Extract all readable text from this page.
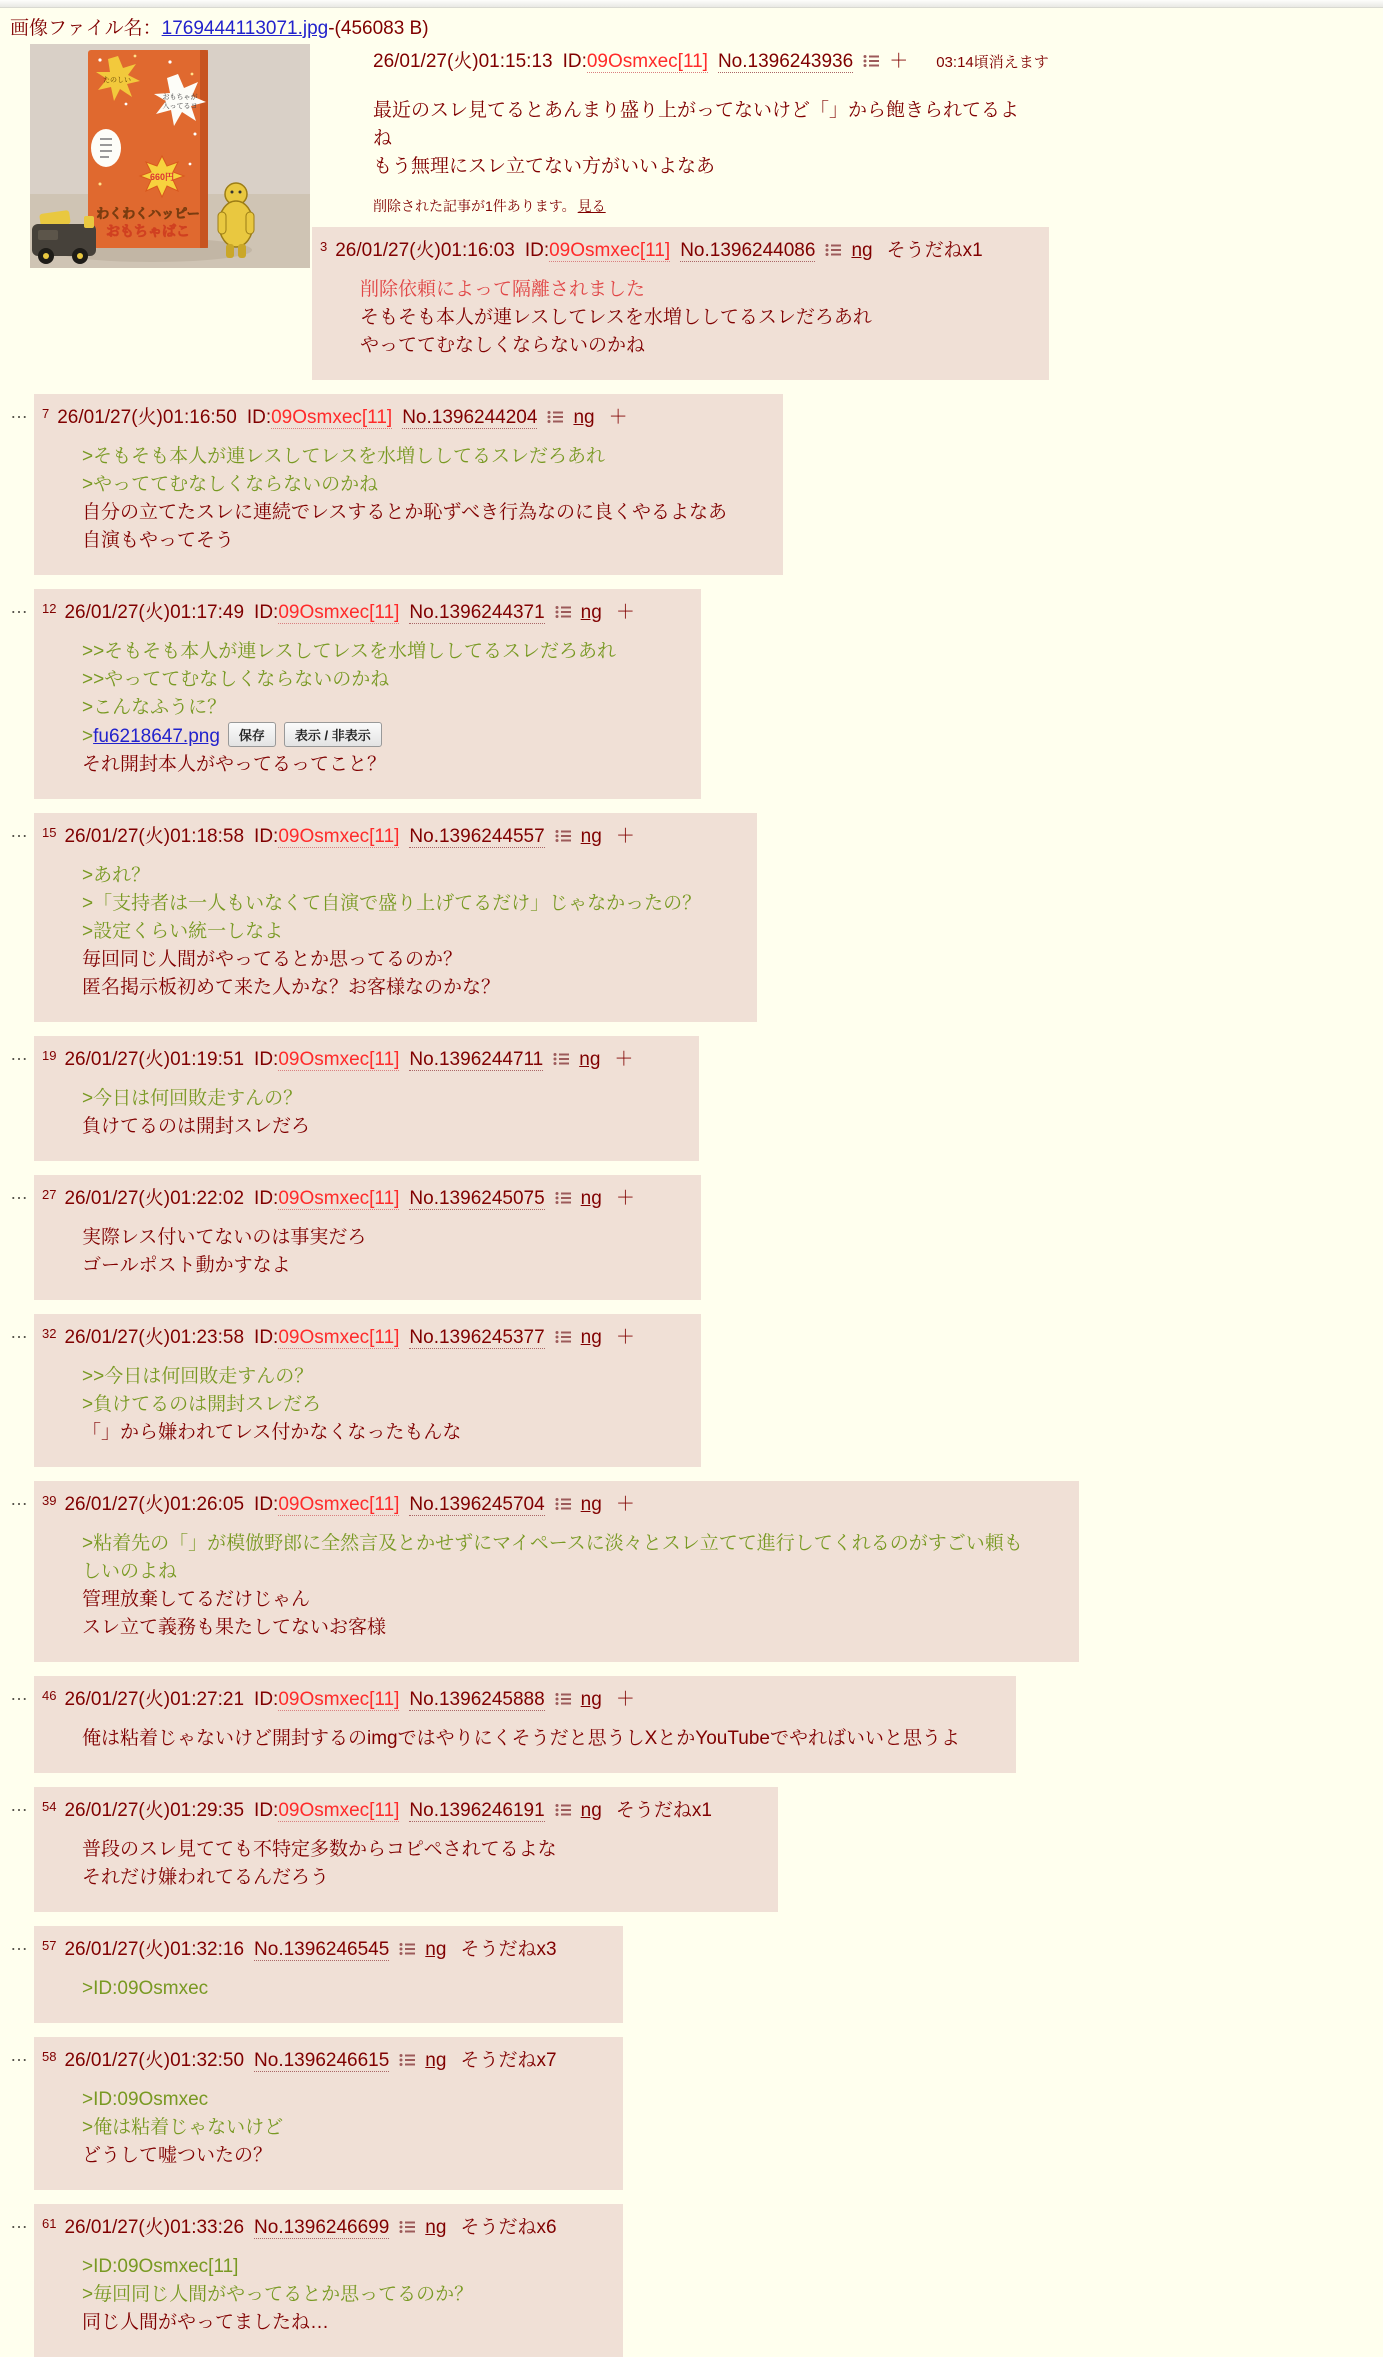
画像ファイル名：1769444113071.jpg-(456083 B)
たのしい
おもちゃが
入ってるヨ
660円
わくわくハッピー
おもちゃばこ
26/01/27(火)01:15:13 ID:09Osmxec[11] No.1396243936 ＋ 03:14頃消えます
最近のスレ見てるとあんまり盛り上がってないけど「」から飽きられてるよ
ね
もう無理にスレ立てない方がいいよなあ
削除された記事が1件あります。 見る
$^3$ 26/01/27(火)01:16:03 ID:09Osmxec[11] No.1396244086 ng そうだねx1
削除依頼によって隔離されました
そもそも本人が連レスしてレスを水増ししてるスレだろあれ
やっててむなしくならないのかね
…	$^7$ 26/01/27(火)01:16:50 ID:09Osmxec[11] No.1396244204 ng ＋
>そもそも本人が連レスしてレスを水増ししてるスレだろあれ
>やっててむなしくならないのかね
自分の立てたスレに連続でレスするとか恥ずべき行為なのに良くやるよなあ
自演もやってそう
…	$^{12}$ 26/01/27(火)01:17:49 ID:09Osmxec[11] No.1396244371 ng ＋
>>そもそも本人が連レスしてレスを水増ししてるスレだろあれ
>>やっててむなしくならないのかね
>こんなふうに？
>fu6218647.png 保存 表示 / 非表示
それ開封本人がやってるってこと？
…	$^{15}$ 26/01/27(火)01:18:58 ID:09Osmxec[11] No.1396244557 ng ＋
>あれ？
>「支持者は一人もいなくて自演で盛り上げてるだけ」じゃなかったの？
>設定くらい統一しなよ
毎回同じ人間がやってるとか思ってるのか？
匿名掲示板初めて来た人かな？お客様なのかな？
…	$^{19}$ 26/01/27(火)01:19:51 ID:09Osmxec[11] No.1396244711 ng ＋
>今日は何回敗走すんの？
負けてるのは開封スレだろ
…	$^{27}$ 26/01/27(火)01:22:02 ID:09Osmxec[11] No.1396245075 ng ＋
実際レス付いてないのは事実だろ
ゴールポスト動かすなよ
…	$^{32}$ 26/01/27(火)01:23:58 ID:09Osmxec[11] No.1396245377 ng ＋
>>今日は何回敗走すんの？
>負けてるのは開封スレだろ
「」から嫌われてレス付かなくなったもんな
…	$^{39}$ 26/01/27(火)01:26:05 ID:09Osmxec[11] No.1396245704 ng ＋
>粘着先の「」が模倣野郎に全然言及とかせずにマイペースに淡々とスレ立てて進行してくれるのがすごい頼も
しいのよね
管理放棄してるだけじゃん
スレ立て義務も果たしてないお客様
…	$^{46}$ 26/01/27(火)01:27:21 ID:09Osmxec[11] No.1396245888 ng ＋
俺は粘着じゃないけど開封するのimgではやりにくそうだと思うしXとかYouTubeでやればいいと思うよ
…	$^{54}$ 26/01/27(火)01:29:35 ID:09Osmxec[11] No.1396246191 ng そうだねx1
普段のスレ見てても不特定多数からコピペされてるよな
それだけ嫌われてるんだろう
…	$^{57}$ 26/01/27(火)01:32:16 No.1396246545 ng そうだねx3
>ID:09Osmxec
…	$^{58}$ 26/01/27(火)01:32:50 No.1396246615 ng そうだねx7
>ID:09Osmxec
>俺は粘着じゃないけど
どうして嘘ついたの？
…	$^{61}$ 26/01/27(火)01:33:26 No.1396246699 ng そうだねx6
>ID:09Osmxec[11]
>毎回同じ人間がやってるとか思ってるのか？
同じ人間がやってましたね…
